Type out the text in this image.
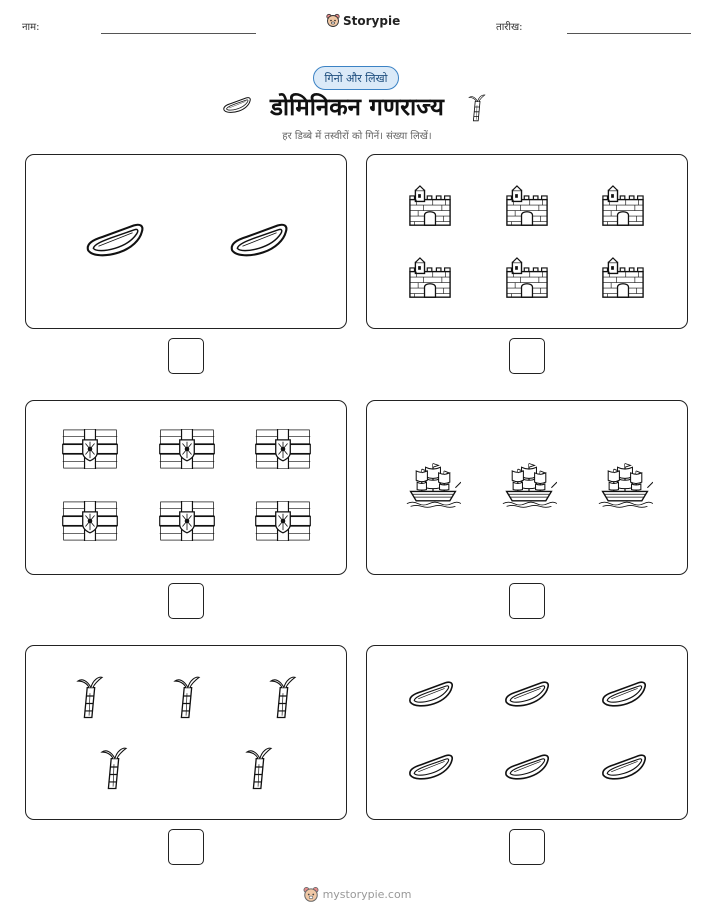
नाम:	Storypie	तारीख:
गिनो और लिखो
डोमिनिकन गणराज्य
हर डिब्बे में तस्वीरों को गिनें। संख्या लिखें।
mystorypie.com
